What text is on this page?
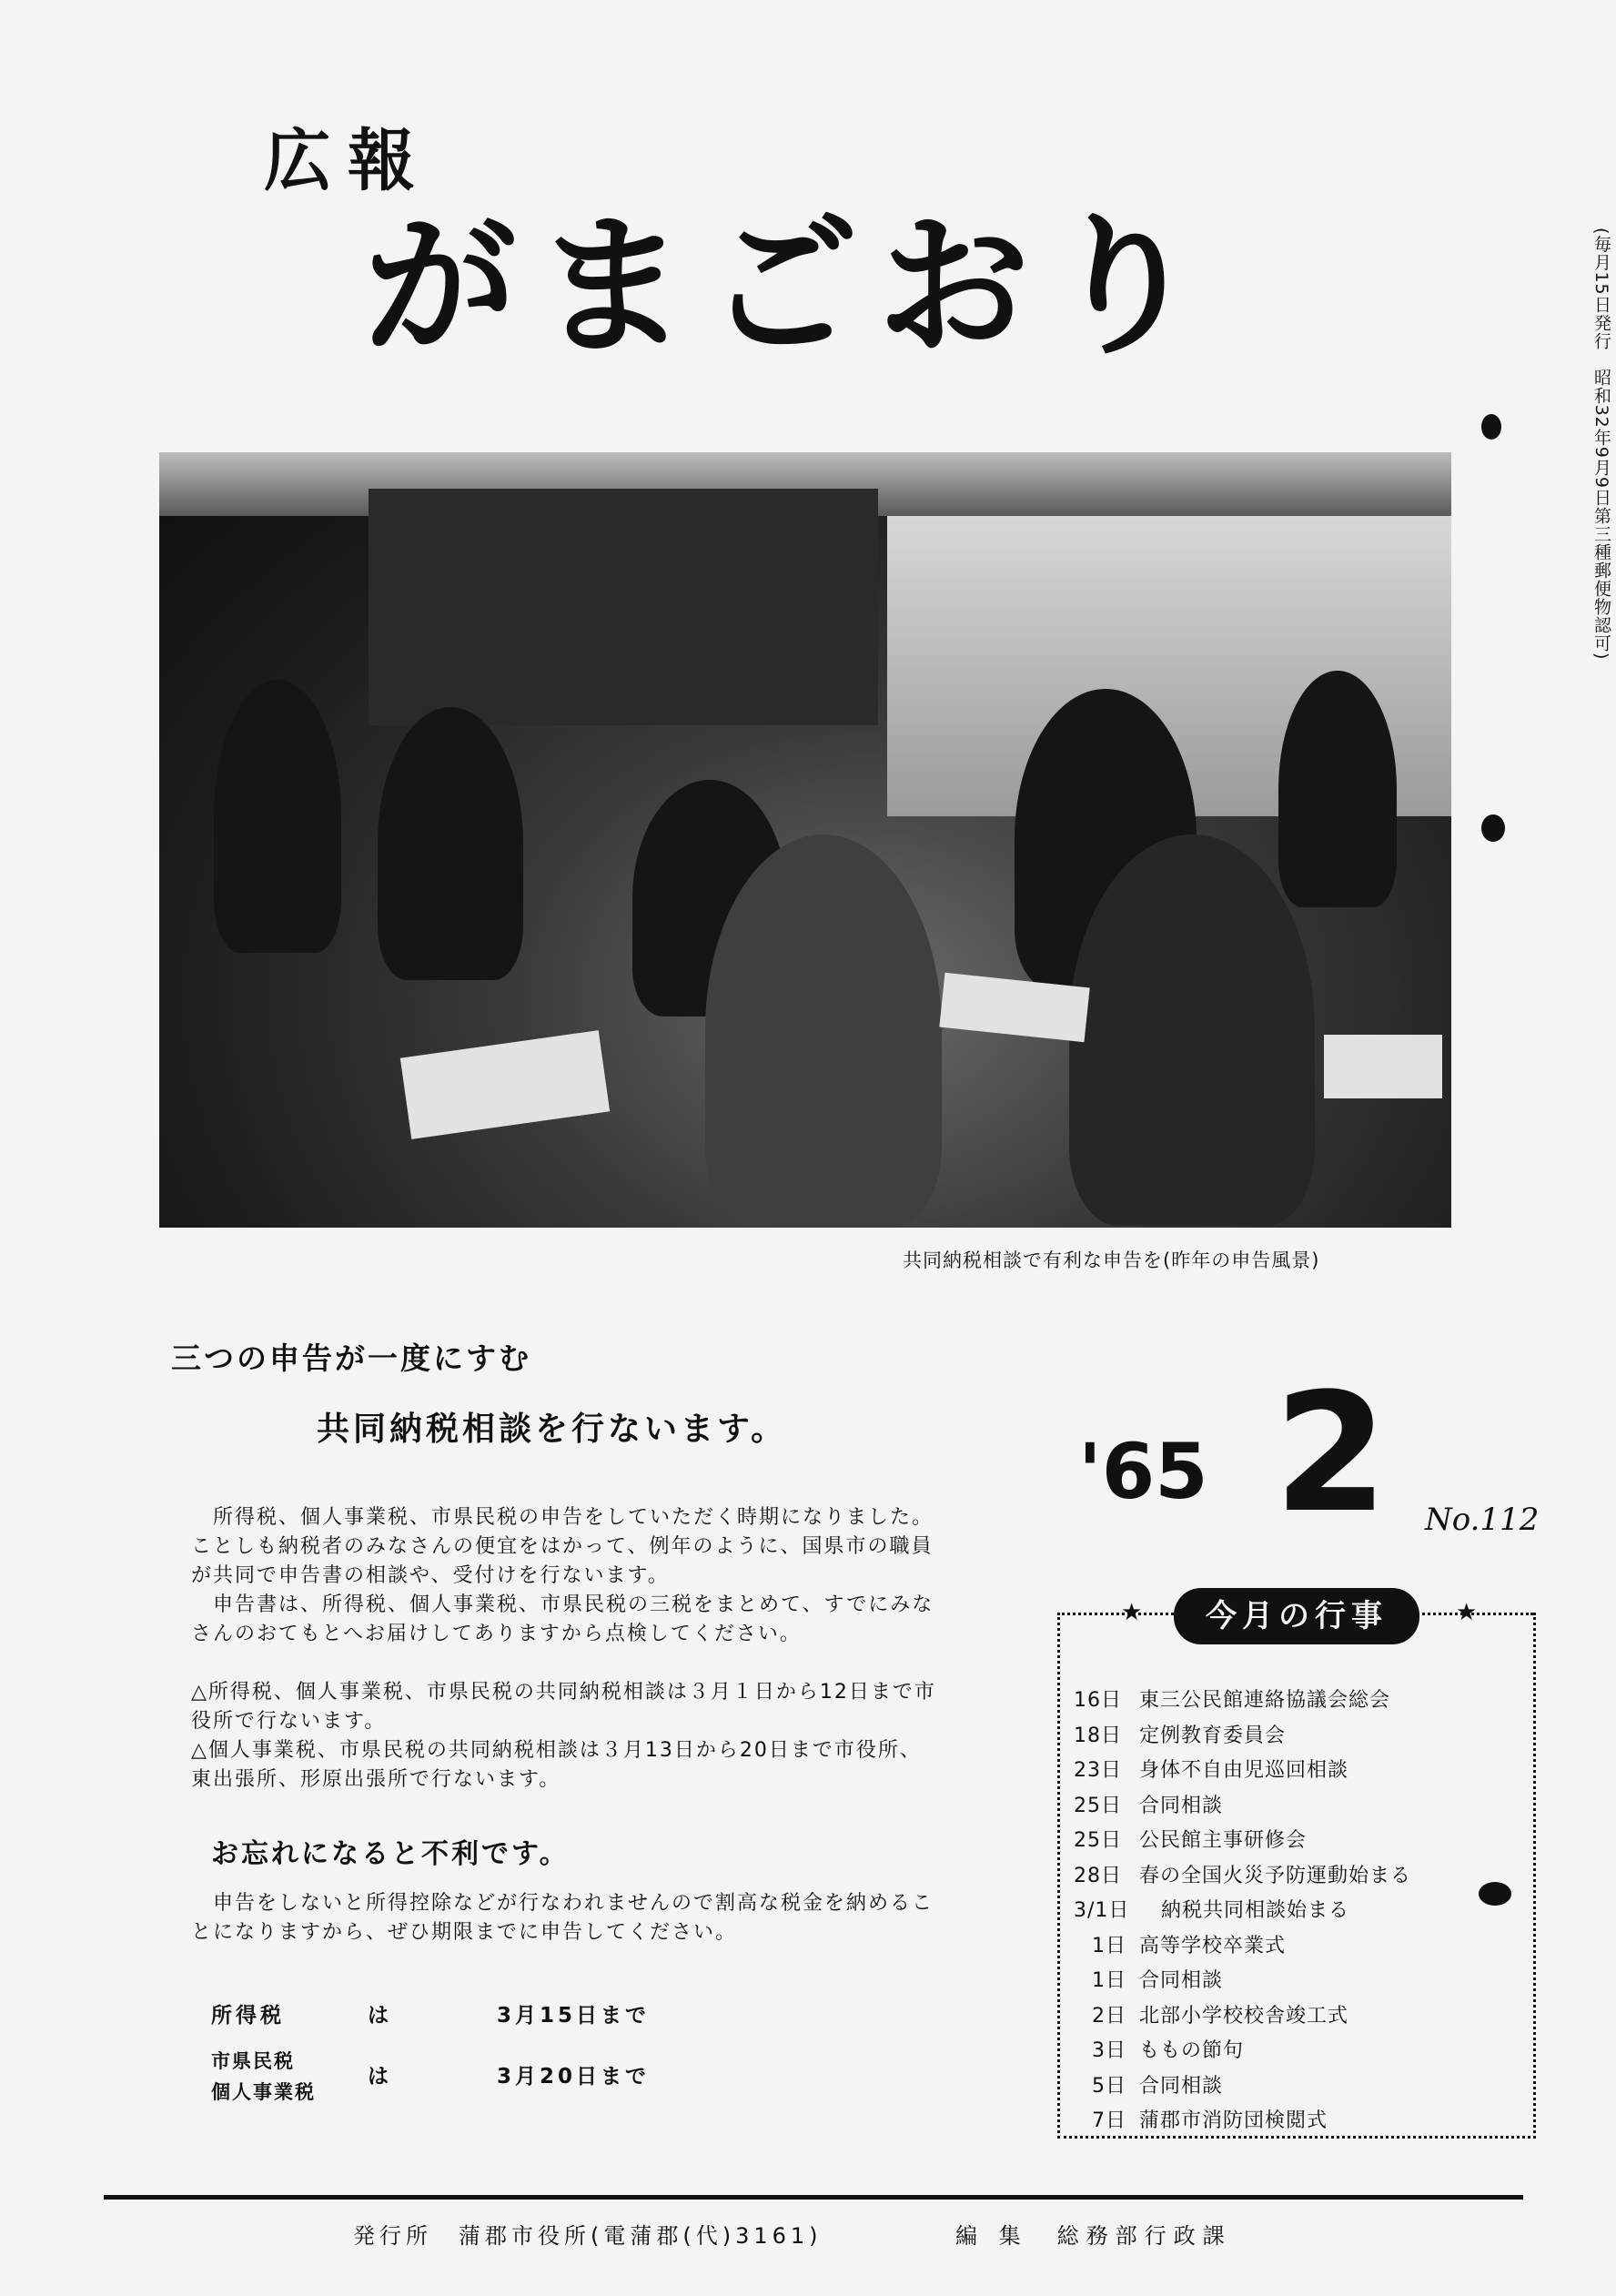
広報
がまごおり	(毎月15日発行　昭和32年9月9日第三種郵便物認可)
共同納税相談で有利な申告を(昨年の申告風景)
三つの申告が一度にすむ
共同納税相談を行ないます。
　所得税、個人事業税、市県民税の申告をしていただく時期になりました。ことしも納税者のみなさんの便宜をはかって、例年のように、国県市の職員が共同で申告書の相談や、受付けを行ないます。
　申告書は、所得税、個人事業税、市県民税の三税をまとめて、すでにみなさんのおてもとへお届けしてありますから点検してください。
△所得税、個人事業税、市県民税の共同納税相談は３月１日から12日まで市役所で行ないます。
△個人事業税、市県民税の共同納税相談は３月13日から20日まで市役所、東出張所、形原出張所で行ないます。
お忘れになると不利です。
　申告をしないと所得控除などが行なわれませんので割高な税金を納めることになりますから、ぜひ期限までに申告してください。
所得税	は	3月15日まで
市県民税
個人事業税 は	3月20日まで
'65 2 No.112
★	★
今月の行事
16日 東三公民館連絡協議会総会
18日 定例教育委員会
23日 身体不自由児巡回相談
25日 合同相談
25日 公民館主事研修会
28日 春の全国火災予防運動始まる
3/1日 納税共同相談始まる
1日 高等学校卒業式
1日 合同相談
2日 北部小学校校舎竣工式
3日 ももの節句
5日 合同相談
7日 蒲郡市消防団検閲式
発行所　蒲郡市役所(電蒲郡(代)3161)	編 集　総務部行政課
